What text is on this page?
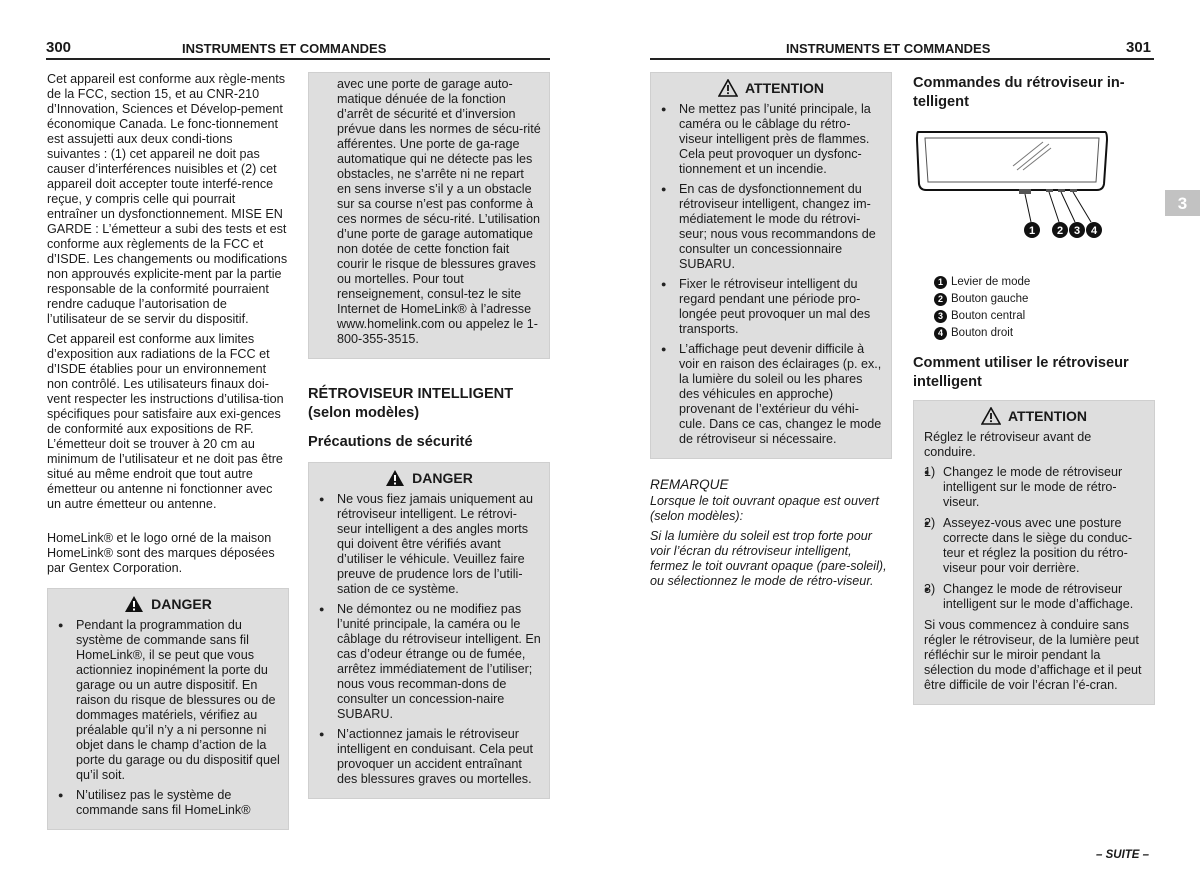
300	INSTRUMENTS ET COMMANDES

Cet appareil est conforme aux règle-ments de la FCC, section 15, et au CNR-210 d’Innovation, Sciences et Dévelop-pement économique Canada. Le fonc-tionnement est assujetti aux deux condi-tions suivantes : (1) cet appareil ne doit pas causer d’interférences nuisibles et (2) cet appareil doit accepter toute interfé-rence reçue, y compris celle qui pourrait entraîner un dysfonctionnement. MISE EN GARDE : L’émetteur a subi des tests et est conforme aux règlements de la FCC et d’ISDE. Les changements ou modifications non approuvés explicite-ment par la partie responsable de la conformité pourraient rendre caduque l’autorisation de l’utilisateur de se servir du dispositif.

Cet appareil est conforme aux limites d’exposition aux radiations de la FCC et d’ISDE établies pour un environnement non contrôlé. Les utilisateurs finaux doi-vent respecter les instructions d’utilisa-tion spécifiques pour satisfaire aux exi-gences de conformité aux expositions de RF. L’émetteur doit se trouver à 20 cm au minimum de l’utilisateur et ne doit pas être situé au même endroit que tout autre émetteur ou antenne ni fonctionner avec un autre émetteur ou antenne.

HomeLink® et le logo orné de la maison HomeLink® sont des marques déposées par Gentex Corporation.

DANGER
● Pendant la programmation du système de commande sans fil HomeLink®, il se peut que vous actionniez inopinément la porte du garage ou un autre dispositif. En raison du risque de blessures ou de dommages matériels, vérifiez au préalable qu’il n’y a ni personne ni objet dans le champ d’action de la porte du garage ou du dispositif quel qu’il soit.
● N’utilisez pas le système de commande sans fil HomeLink®

avec une porte de garage auto-matique dénuée de la fonction d’arrêt de sécurité et d’inversion prévue dans les normes de sécu-rité afférentes. Une porte de ga-rage automatique qui ne détecte pas les obstacles, ne s’arrête ni ne repart en sens inverse s’il y a un obstacle sur sa course n’est pas conforme à ces normes de sécu-rité. L’utilisation d’une porte de garage automatique non dotée de cette fonction fait courir le risque de blessures graves ou mortelles. Pour tout renseignement, consul-tez le site Internet de HomeLink® à l’adresse www.homelink.com ou appelez le 1-800-355-3515.

RÉTROVISEUR INTELLIGENT (selon modèles)
Précautions de sécurité
DANGER
● Ne vous fiez jamais uniquement au rétroviseur intelligent. Le rétrovi-seur intelligent a des angles morts qui doivent être vérifiés avant d’utiliser le véhicule. Veuillez faire preuve de prudence lors de l’utili-sation de ce système.
● Ne démontez ou ne modifiez pas l’unité principale, la caméra ou le câblage du rétroviseur intelligent. En cas d’odeur étrange ou de fumée, arrêtez immédiatement de l’utiliser; nous vous recomman-dons de consulter un concession-naire SUBARU.
● N’actionnez jamais le rétroviseur intelligent en conduisant. Cela peut provoquer un accident entraînant des blessures graves ou mortelles.
INSTRUMENTS ET COMMANDES	301
3
ATTENTION
● Ne mettez pas l’unité principale, la caméra ou le câblage du rétro-viseur intelligent près de flammes. Cela peut provoquer un dysfonc-tionnement et un incendie.
● En cas de dysfonctionnement du rétroviseur intelligent, changez im-médiatement le mode du rétrovi-seur; nous vous recommandons de consulter un concessionnaire SUBARU.
● Fixer le rétroviseur intelligent du regard pendant une période pro-longée peut provoquer un mal des transports.
● L’affichage peut devenir difficile à voir en raison des éclairages (p. ex., la lumière du soleil ou les phares des véhicules en approche) provenant de l’extérieur du véhi-cule. Dans ce cas, changez le mode de rétroviseur si nécessaire.
REMARQUE

Lorsque le toit ouvrant opaque est ouvert (selon modèles):

Si la lumière du soleil est trop forte pour voir l’écran du rétroviseur intelligent, fermez le toit ouvrant opaque (pare-soleil), ou sélectionnez le mode de rétro-viseur.

Commandes du rétroviseur in-telligent
1 2 3 4
1 Levier de mode
2 Bouton gauche
3 Bouton central
4 Bouton droit
Comment utiliser le rétroviseur intelligent
ATTENTION

Réglez le rétroviseur avant de conduire.

● 1) Changez le mode de rétroviseur intelligent sur le mode de rétro-viseur.
● 2) Asseyez-vous avec une posture correcte dans le siège du conduc-teur et réglez la position du rétro-viseur pour voir derrière.
● 3) Changez le mode de rétroviseur intelligent sur le mode d’affichage.

Si vous commencez à conduire sans régler le rétroviseur, de la lumière peut réfléchir sur le miroir pendant la sélection du mode d’affichage et il peut être difficile de voir l’écran l’é-cran.

– SUITE –
